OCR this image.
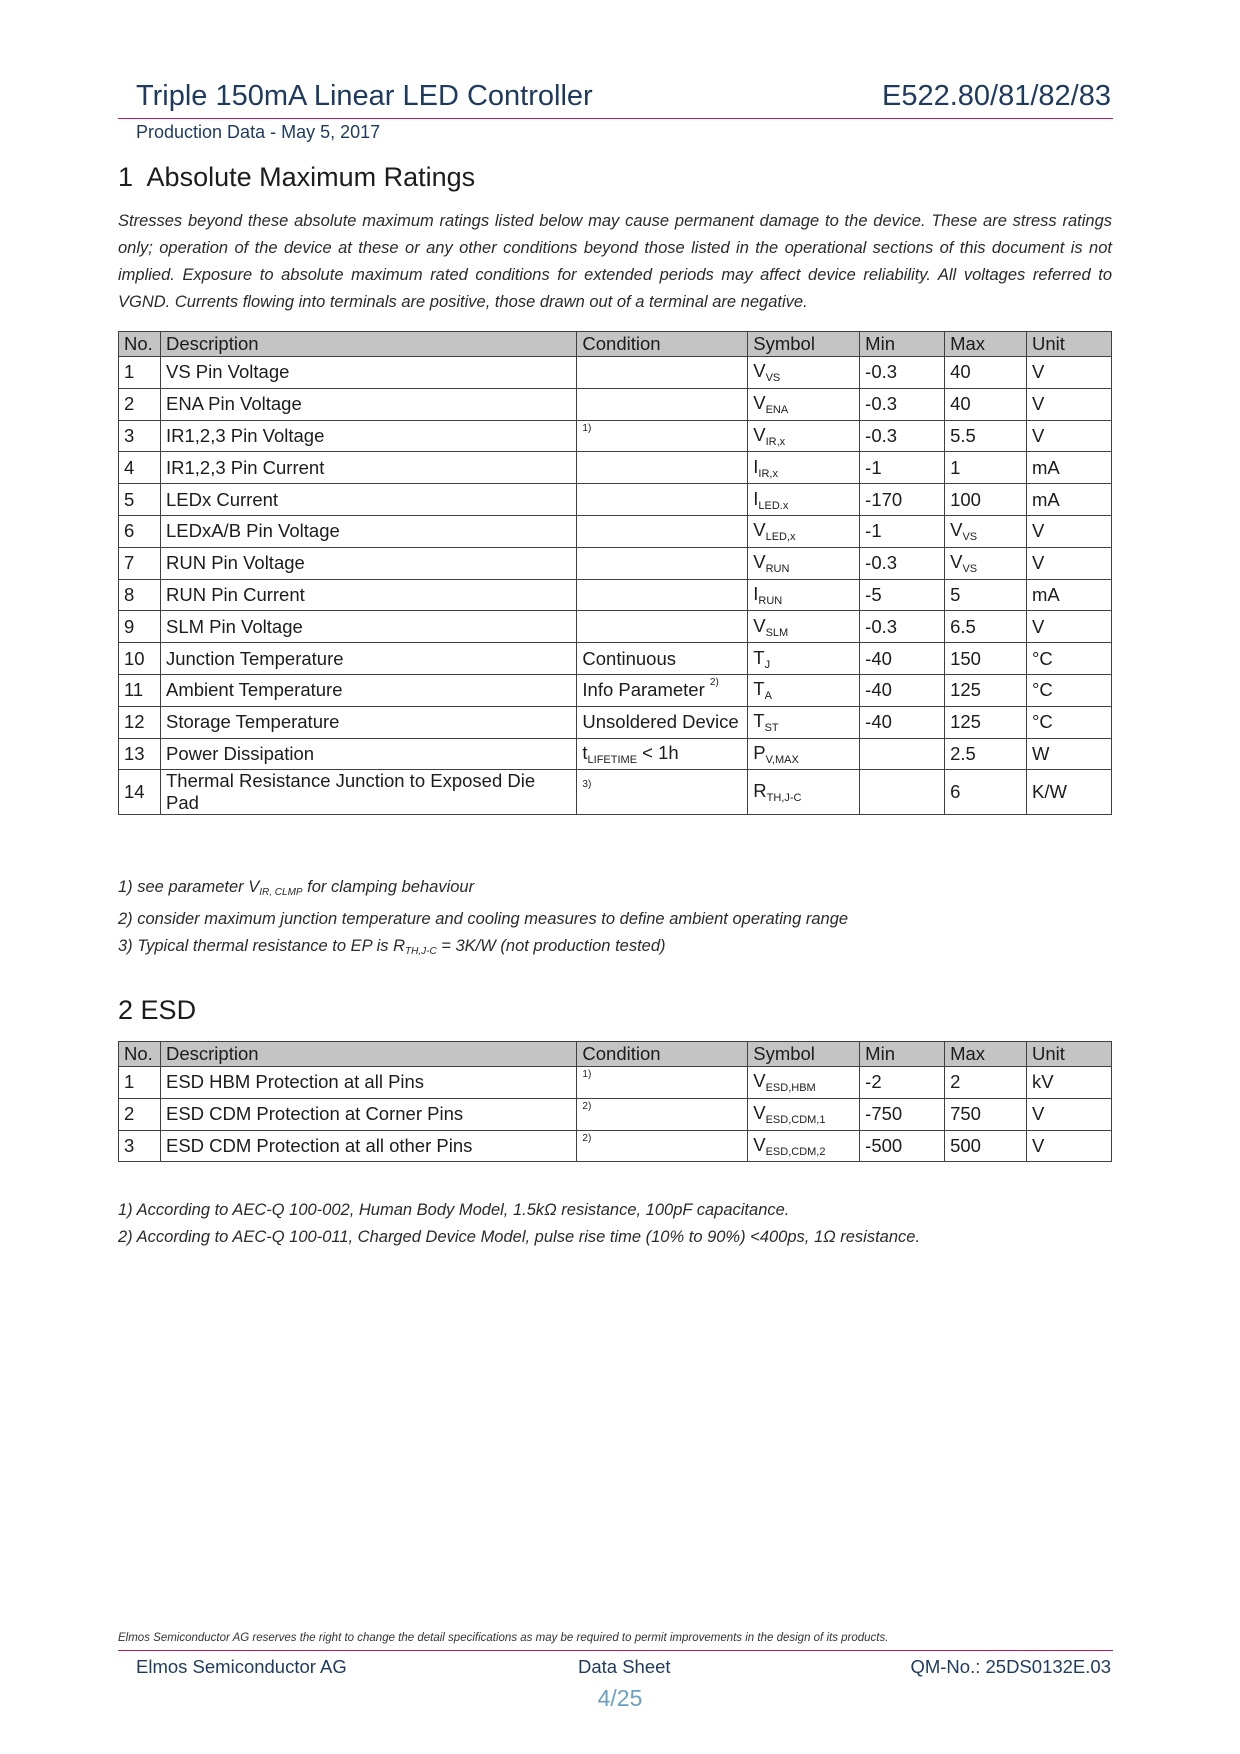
Triple 150mA Linear LED Controller	E522.80/81/82/83
Production Data - May 5, 2017
1 Absolute Maximum Ratings
Stresses beyond these absolute maximum ratings listed below may cause permanent damage to the device. These are stress ratings only; operation of the device at these or any other conditions beyond those listed in the operational sections of this document is not implied. Exposure to absolute maximum rated conditions for extended periods may affect device reliability. All voltages referred to VGND. Currents flowing into terminals are positive, those drawn out of a terminal are negative.
No.	Description	Condition	Symbol	Min	Max	Unit
1	VS Pin Voltage		$V_{VS}$	-0.3	40	V
2	ENA Pin Voltage		$V_{ENA}$	-0.3	40	V
3	IR1,2,3 Pin Voltage	$^{1)}$	$V_{IR,x}$	-0.3	5.5	V
4	IR1,2,3 Pin Current		$I_{IR,x}$	-1	1	mA
5	LEDx Current		$I_{LED.x}$	-170	100	mA
6	LEDxA/B Pin Voltage		$V_{LED,x}$	-1	$V_{VS}$	V
7	RUN Pin Voltage		$V_{RUN}$	-0.3	$V_{VS}$	V
8	RUN Pin Current		$I_{RUN}$	-5	5	mA
9	SLM Pin Voltage		$V_{SLM}$	-0.3	6.5	V
10	Junction Temperature	Continuous	$T_J$	-40	150	°C
11	Ambient Temperature	Info Parameter $^{2)}$	$T_A$	-40	125	°C
12	Storage Temperature	Unsoldered Device	$T_{ST}$	-40	125	°C
13	Power Dissipation	$t_{LIFETIME} < 1h$	$P_{V,MAX}$		2.5	W
14	Thermal Resistance Junction to Exposed Die Pad	$^{3)}$	$R_{TH,J-C}$		6	K/W
1) see parameter $V_{IR, CLMP}$ for clamping behaviour
2) consider maximum junction temperature and cooling measures to define ambient operating range
3) Typical thermal resistance to EP is $R_{TH,J-C} = 3K/W$ (not production tested)
2 ESD
No.	Description	Condition	Symbol	Min	Max	Unit
1	ESD HBM Protection at all Pins	$^{1)}$	$V_{ESD,HBM}$	-2	2	kV
2	ESD CDM Protection at Corner Pins	$^{2)}$	$V_{ESD,CDM,1}$	-750	750	V
3	ESD CDM Protection at all other Pins	$^{2)}$	$V_{ESD,CDM,2}$	-500	500	V
1) According to AEC-Q 100-002, Human Body Model, 1.5kΩ resistance, 100pF capacitance.
2) According to AEC-Q 100-011, Charged Device Model, pulse rise time (10% to 90%) <400ps, 1Ω resistance.
Elmos Semiconductor AG reserves the right to change the detail specifications as may be required to permit improvements in the design of its products.
Elmos Semiconductor AG	Data Sheet	QM-No.: 25DS0132E.03
4/25
